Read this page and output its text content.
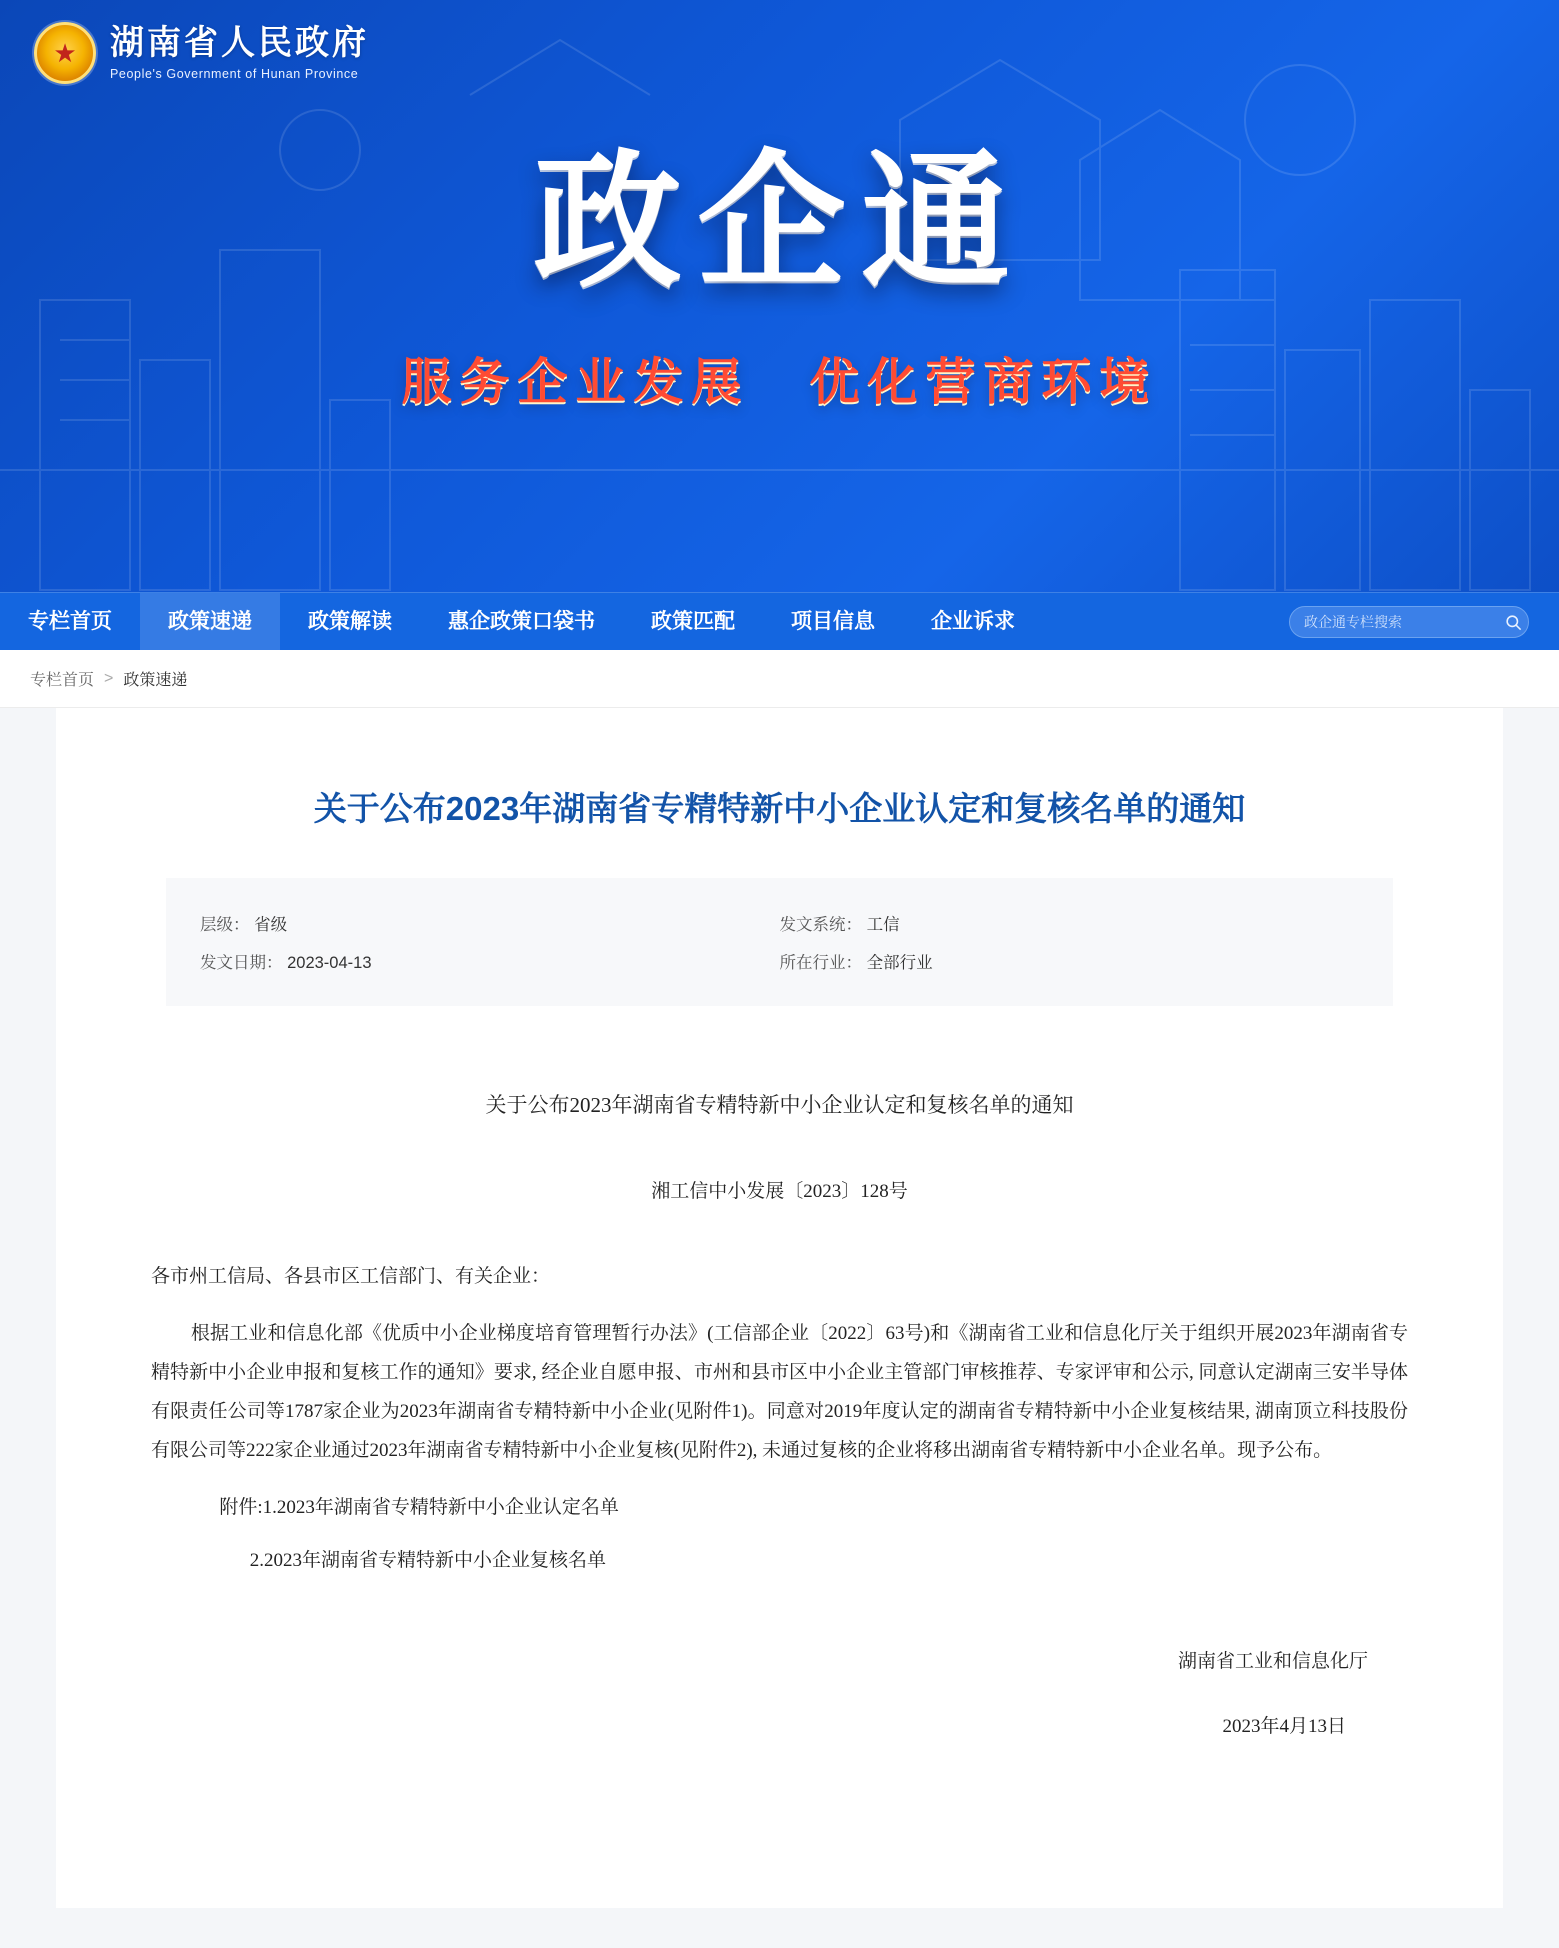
★ 湖南省人民政府
People's Government of Hunan Province
政企通
服务企业发展 优化营商环境
专栏首页	政策速递	政策解读	惠企政策口袋书	政策匹配	项目信息	企业诉求
政企通专栏搜索
专栏首页 > 政策速递
关于公布2023年湖南省专精特新中小企业认定和复核名单的通知
层级： 省级	发文系统： 工信
发文日期： 2023-04-13	所在行业： 全部行业
关于公布2023年湖南省专精特新中小企业认定和复核名单的通知
湘工信中小发展〔2023〕128号
各市州工信局、各县市区工信部门、有关企业：
根据工业和信息化部《优质中小企业梯度培育管理暂行办法》(工信部企业〔2022〕63号)和《湖南省工业和信息化厅关于组织开展2023年湖南省专精特新中小企业申报和复核工作的通知》要求, 经企业自愿申报、市州和县市区中小企业主管部门审核推荐、专家评审和公示, 同意认定湖南三安半导体有限责任公司等1787家企业为2023年湖南省专精特新中小企业(见附件1)。同意对2019年度认定的湖南省专精特新中小企业复核结果, 湖南顶立科技股份有限公司等222家企业通过2023年湖南省专精特新中小企业复核(见附件2), 未通过复核的企业将移出湖南省专精特新中小企业名单。现予公布。
附件:1.2023年湖南省专精特新中小企业认定名单
2.2023年湖南省专精特新中小企业复核名单
湖南省工业和信息化厅
2023年4月13日
